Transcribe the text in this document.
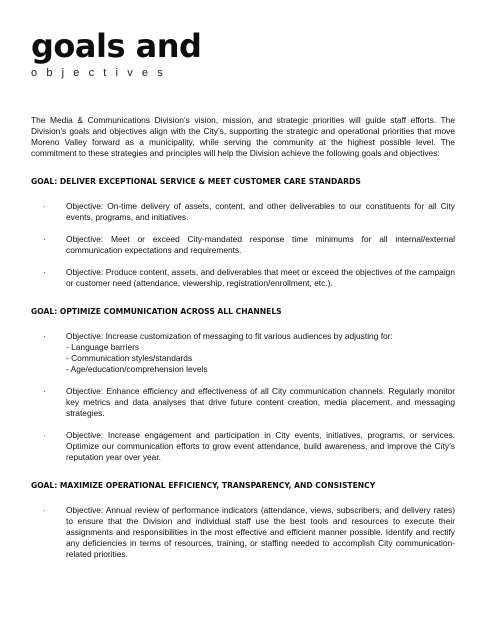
goals and
objectives

The Media & Communications Division’s vision, mission, and strategic priorities will guide staff efforts. The Division’s goals and objectives align with the City’s, supporting the strategic and operational priorities that move Moreno Valley forward as a municipality, while serving the community at the highest possible level. The commitment to these strategies and principles will help the Division achieve the following goals and objectives:

GOAL: DELIVER EXCEPTIONAL SERVICE & MEET CUSTOMER CARE STANDARDS
· Objective: On-time delivery of assets, content, and other deliverables to our constituents for all City events, programs, and initiatives.
· Objective: Meet or exceed City-mandated response time minimums for all internal/external communication expectations and requirements.
· Objective: Produce content, assets, and deliverables that meet or exceed the objectives of the campaign or customer need (attendance, viewership, registration/enrollment, etc.).
GOAL: OPTIMIZE COMMUNICATION ACROSS ALL CHANNELS
· Objective: Increase customization of messaging to fit various audiences by adjusting for:
- Language barriers
- Communication styles/standards
- Age/education/comprehension levels
· Objective: Enhance efficiency and effectiveness of all City communication channels. Regularly monitor key metrics and data analyses that drive future content creation, media placement, and messaging strategies.
· Objective: Increase engagement and participation in City events, initiatives, programs, or services. Optimize our communication efforts to grow event attendance, build awareness, and improve the City’s reputation year over year.
GOAL: MAXIMIZE OPERATIONAL EFFICIENCY, TRANSPARENCY, AND CONSISTENCY
· Objective: Annual review of performance indicators (attendance, views, subscribers, and delivery rates) to ensure that the Division and individual staff use the best tools and resources to execute their assignments and responsibilities in the most effective and efficient manner possible. Identify and rectify any deficiencies in terms of resources, training, or staffing needed to accomplish City communication-related priorities.
